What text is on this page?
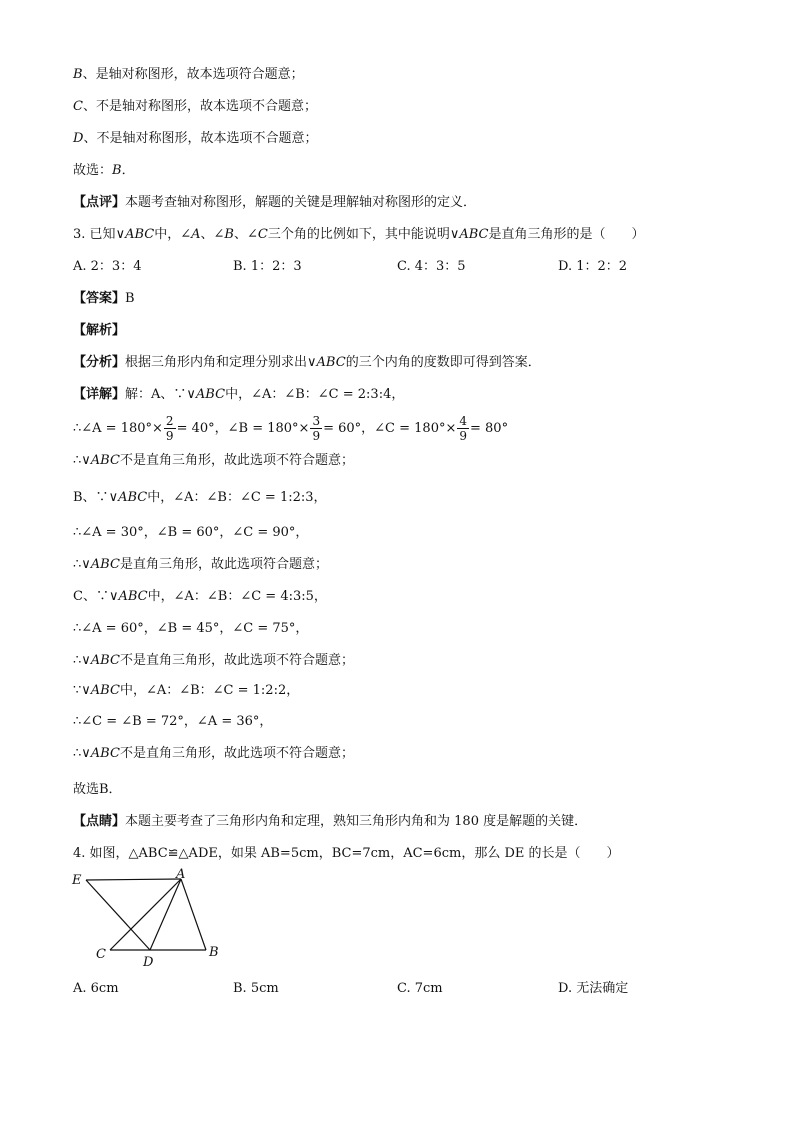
B、是轴对称图形，故本选项符合题意；
C、不是轴对称图形，故本选项不合题意；
D、不是轴对称图形，故本选项不合题意；
故选：B．
【点评】本题考查轴对称图形，解题的关键是理解轴对称图形的定义．
3. 已知∨ABC中，∠A、∠B、∠C三个角的比例如下，其中能说明∨ABC是直角三角形的是（　　）
A. 2：3：4	B. 1：2：3	C. 4：3：5	D. 1：2：2
【答案】B
【解析】
【分析】根据三角形内角和定理分别求出∨ABC的三个内角的度数即可得到答案．
【详解】解：A、∵∨ABC中，∠A：∠B：∠C = 2:3:4，
∴∠A = $180^\circ\times \frac{2}{9} = 40^\circ$，∠B = $180^\circ\times \frac{3}{9} = 60^\circ$，∠C = $180^\circ\times \frac{4}{9} = 80^\circ$
∴∨ABC不是直角三角形，故此选项不符合题意；
B、∵∨ABC中，∠A：∠B：∠C = 1:2:3，
∴∠A = 30°，∠B = 60°，∠C = 90°，
∴∨ABC是直角三角形，故此选项符合题意；
C、∵∨ABC中，∠A：∠B：∠C = 4:3:5，
∴∠A = 60°，∠B = 45°，∠C = 75°，
∴∨ABC不是直角三角形，故此选项不符合题意；
∵∨ABC中，∠A：∠B：∠C = 1:2:2，
∴∠C = ∠B = 72°，∠A = 36°，
∴∨ABC不是直角三角形，故此选项不符合题意；
故选B．
【点睛】本题主要考查了三角形内角和定理，熟知三角形内角和为 180 度是解题的关键．
4. 如图，△ABC≌△ADE，如果 AB=5cm，BC=7cm，AC=6cm，那么 DE 的长是（　　）
E	A
C
D
B
A. 6cm	B. 5cm	C. 7cm	D. 无法确定
